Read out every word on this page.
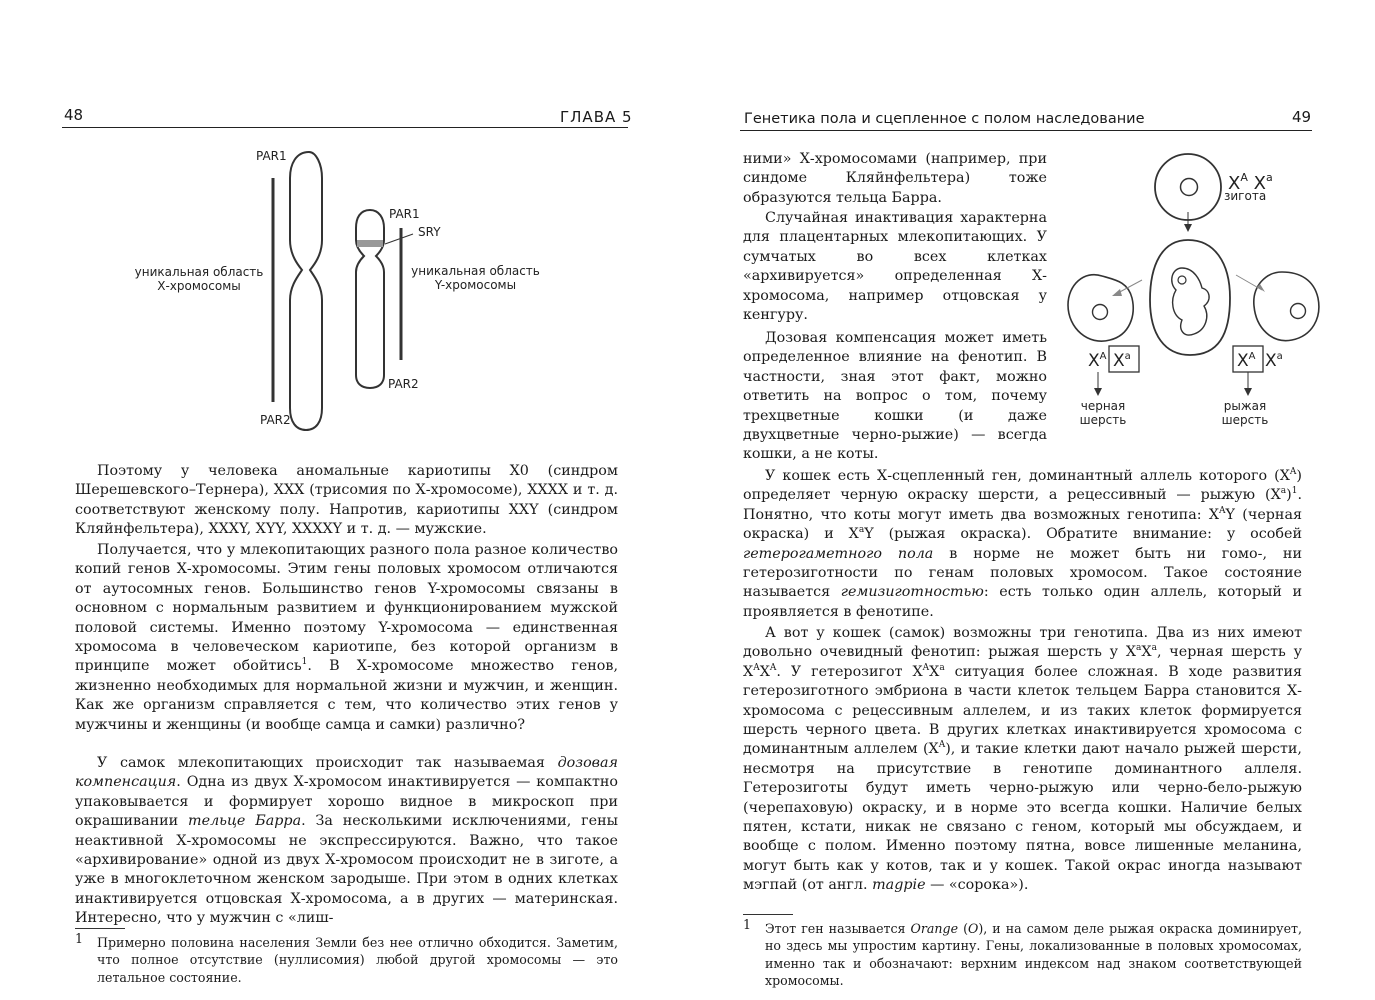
48	ГЛАВА 5
PAR1
PAR2
PAR1
PAR2
SRY
уникальная область
Х-хромосомы
уникальная область
Y-хромосомы

Поэтому у человека аномальные кариотипы Х0 (синдром Шерешевского–Тернера), XXX (трисомия по Х-хромосоме), XXXX и т. д. соответствуют женскому полу. Напротив, кариотипы XXY (синдром Кляйнфельтера), XXXY, XYY, XXXXY и т. д. — мужские.

Получается, что у млекопитающих разного пола разное количество копий генов Х-хромосомы. Этим гены половых хромосом отличаются от аутосомных генов. Большинство генов Y-хромосомы связаны в основном с нормальным развитием и функционированием мужской половой системы. Именно поэтому Y-хромосома — единственная хромосома в человеческом кариотипе, без которой организм в принципе может обойтись$^1$. В Х-хромосоме множество генов, жизненно необходимых для нормальной жизни и мужчин, и женщин. Как же организм справляется с тем, что количество этих генов у мужчины и женщины (и вообще самца и самки) различно?

У самок млекопитающих происходит так называемая дозовая компенсация. Одна из двух Х-хромосом инактивируется — компактно упаковывается и формирует хорошо видное в микроскоп при окрашивании тельце Барра. За несколькими исключениями, гены неактивной Х-хромосомы не экспрессируются. Важно, что такое «архивирование» одной из двух Х-хромосом происходит не в зиготе, а уже в многоклеточном женском зародыше. При этом в одних клетках инактивируется отцовская Х-хромосома, а в других — материнская. Интересно, что у мужчин с «лиш-

1	Примерно половина населения Земли без нее отлично обходится. Заметим, что полное отсутствие (нуллисомия) любой другой хромосомы — это летальное состояние.
Генетика пола и сцепленное с полом наследование	49

ними» Х-хромосомами (например, при синдоме Кляйнфельтера) тоже образуются тельца Барра.

Случайная инактивация характерна для плацентарных млекопитающих. У сумчатых во всех клетках «архивируется» определенная Х-хромосома, например отцовская у кенгуру.

Дозовая компенсация может иметь определенное влияние на фенотип. В частности, зная этот факт, можно ответить на вопрос о том, почему трехцветные кошки (и даже двухцветные черно-рыжие) — всегда кошки, а не коты.

$X^A$ $X^a$
$X^A$ $X^a$	$X^A$ $X^a$
зигота
черная
шерсть
рыжая
шерсть

У кошек есть Х-сцепленный ген, доминантный аллель которого $(X^A)$ определяет черную окраску шерсти, а рецессивный — рыжую $(X^a)^1$. Понятно, что коты могут иметь два возможных генотипа: $X^AY$ (черная окраска) и $X^aY$ (рыжая окраска). Обратите внимание: у особей гетерогаметного пола в норме не может быть ни гомо-, ни гетерозиготности по генам половых хромосом. Такое состояние называется гемизиготностью: есть только один аллель, который и проявляется в фенотипе.

А вот у кошек (самок) возможны три генотипа. Два из них имеют довольно очевидный фенотип: рыжая шерсть у $X^aX^a$, черная шерсть у $X^AX^A$. У гетерозигот $X^AX^a$ ситуация более сложная. В ходе развития гетерозиготного эмбриона в части клеток тельцем Барра становится Х-хромосома с рецессивным аллелем, и из таких клеток формируется шерсть черного цвета. В других клетках инактивируется хромосома с доминантным аллелем $(X^A)$, и такие клетки дают начало рыжей шерсти, несмотря на присутствие в генотипе доминантного аллеля. Гетерозиготы будут иметь черно-рыжую или черно-бело-рыжую (черепаховую) окраску, и в норме это всегда кошки. Наличие белых пятен, кстати, никак не связано с геном, который мы обсуждаем, и вообще с полом. Именно поэтому пятна, вовсе лишенные меланина, могут быть как у котов, так и у кошек. Такой окрас иногда называют мэгпай (от англ. magpie — «сорока»).

1	Этот ген называется Orange (O), и на самом деле рыжая окраска доминирует, но здесь мы упростим картину. Гены, локализованные в половых хромосомах, именно так и обозначают: верхним индексом над знаком соответствующей хромосомы.
